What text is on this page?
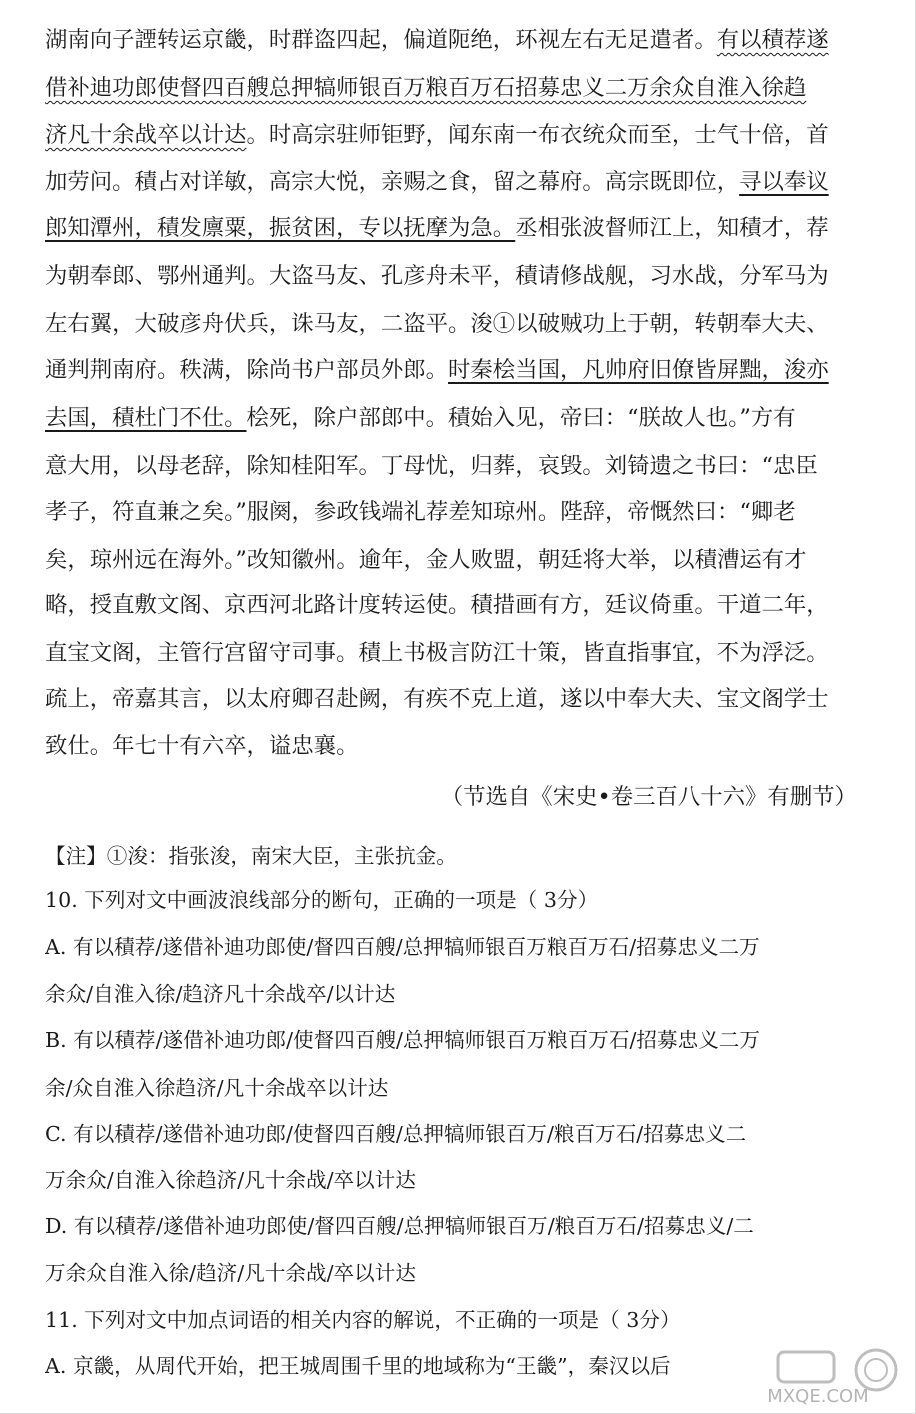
湖南向子諲转运京畿，时群盗四起，偏道阨绝，环视左右无足遣者。有以積荐遂
借补迪功郎使督四百艘总押犒师银百万粮百万石招募忠义二万余众自淮入徐趋
济凡十余战卒以计达。时高宗驻师钜野，闻东南一布衣统众而至，士气十倍，首
加劳问。積占对详敏，高宗大悦，亲赐之食，留之幕府。高宗既即位，寻以奉议
郎知潭州，積发廪粟，振贫困，专以抚摩为急。丞相张波督师江上，知積才，荐
为朝奉郎、鄂州通判。大盗马友、孔彦舟未平，積请修战舰，习水战，分军马为
左右翼，大破彦舟伏兵，诛马友，二盗平。浚①以破贼功上于朝，转朝奉大夫、
通判荆南府。秩满，除尚书户部员外郎。时秦桧当国，凡帅府旧僚皆屏黜，浚亦
去国，積杜门不仕。桧死，除户部郎中。積始入见，帝曰：“朕故人也。”方有
意大用，以母老辞，除知桂阳军。丁母忧，归葬，哀毁。刘锜遗之书曰：“忠臣
孝子，符直兼之矣。”服阕，参政钱端礼荐差知琼州。陛辞，帝慨然曰：“卿老
矣，琼州远在海外。”改知徽州。逾年，金人败盟，朝廷将大举，以積漕运有才
略，授直敷文阁、京西河北路计度转运使。積措画有方，廷议倚重。干道二年，
直宝文阁，主管行宫留守司事。積上书极言防江十策，皆直指事宜，不为浮泛。
疏上，帝嘉其言，以太府卿召赴阙，有疾不克上道，遂以中奉大夫、宝文阁学士
致仕。年七十有六卒，谥忠襄。
（节选自《宋史•卷三百八十六》有删节）
【注】①浚：指张浚，南宋大臣，主张抗金。
10. 下列对文中画波浪线部分的断句，正确的一项是（ 3分）
A. 有以積荐/遂借补迪功郎使/督四百艘/总押犒师银百万粮百万石/招募忠义二万
余众/自淮入徐/趋济凡十余战卒/以计达
B. 有以積荐/遂借补迪功郎/使督四百艘/总押犒师银百万粮百万石/招募忠义二万
余/众自淮入徐趋济/凡十余战卒以计达
C. 有以積荐/遂借补迪功郎/使督四百艘/总押犒师银百万/粮百万石/招募忠义二
万余众/自淮入徐趋济/凡十余战/卒以计达
D. 有以積荐/遂借补迪功郎使/督四百艘/总押犒师银百万/粮百万石/招募忠义/二
万余众自淮入徐/趋济/凡十余战/卒以计达
11. 下列对文中加点词语的相关内容的解说，不正确的一项是（ 3分）
A. 京畿，从周代开始，把王城周围千里的地域称为“王畿”，秦汉以后
MXQE.COM
